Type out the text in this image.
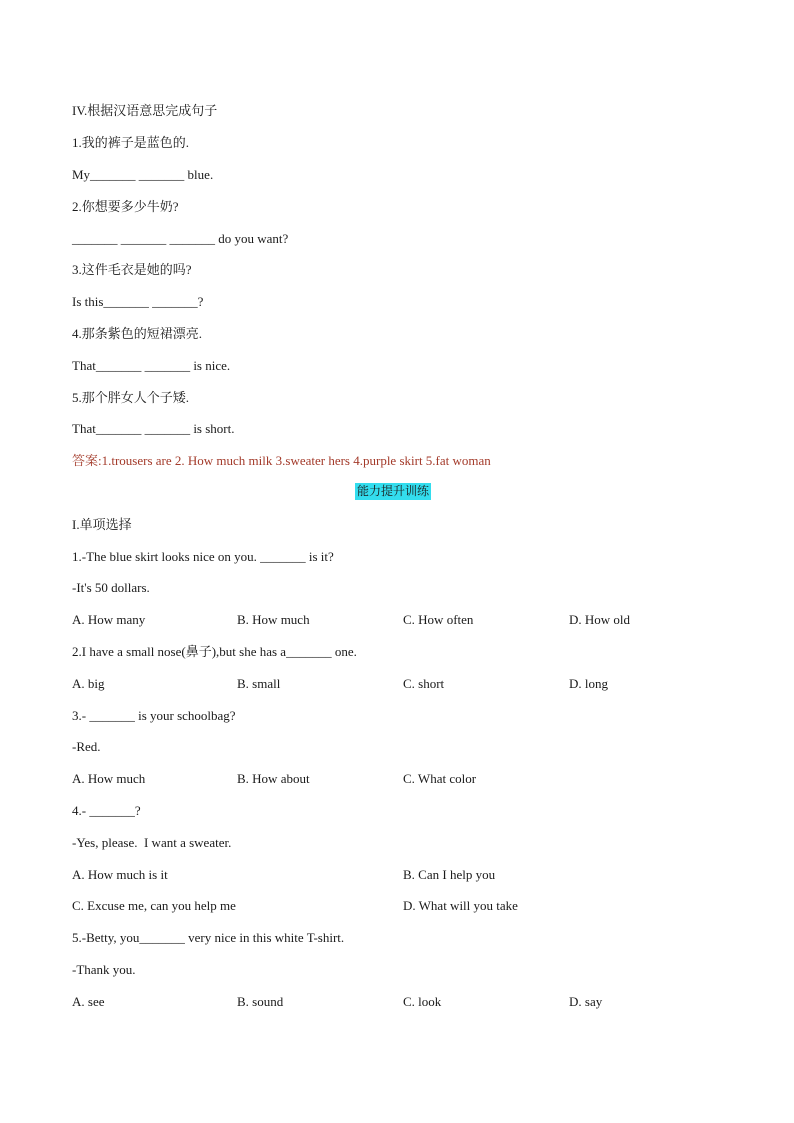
IV.根据汉语意思完成句子
1.我的裤子是蓝色的.
My_______ _______ blue.
2.你想要多少牛奶?
_______ _______ _______ do you want?
3.这件毛衣是她的吗?
Is this_______ _______?
4.那条紫色的短裙漂亮.
That_______ _______ is nice.
5.那个胖女人个子矮.
That_______ _______ is short.
答案:1.trousers are 2. How much milk 3.sweater hers 4.purple skirt 5.fat woman
能力提升训练
I.单项选择
1.-The blue skirt looks nice on you. _______ is it?
-It's 50 dollars.
A. How many	B. How much	C. How often	D. How old
2.I have a small nose(鼻子),but she has a_______ one.
A. big	B. small	C. short	D. long
3.- _______ is your schoolbag?
-Red.
A. How much	B. How about	C. What color
4.- _______?
-Yes, please.  I want a sweater.
A. How much is it	B. Can I help you
C. Excuse me, can you help me	D. What will you take
5.-Betty, you_______ very nice in this white T-shirt.
-Thank you.
A. see	B. sound	C. look	D. say
